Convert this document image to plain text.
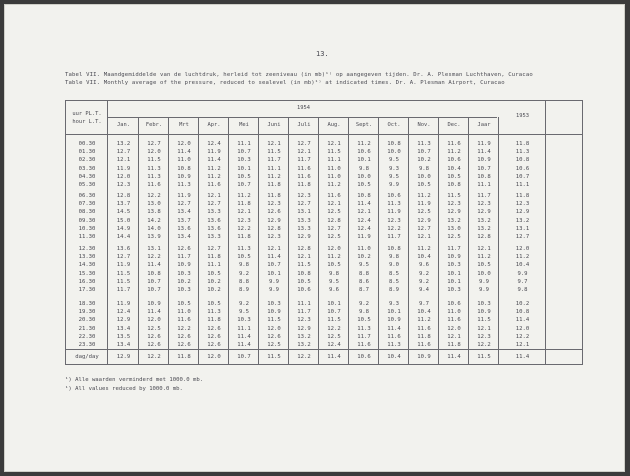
13.
Tabel VII. Maandgemiddelde van de luchtdruk, herleid tot zeeniveau (in mb)¹⁾ op aangegeven tijden. Dr. A. Plesman Luchthaven, Curacao
Table VII. Monthly average of the pressure, reduced to sealevel (in mb)¹⁾ at indicated times. Dr. A. Plesman Airport, Curacao
uur PL.T.
hour L.T.
1954
1953
Jan.	Febr.	Mrt	Apr.	Mei	Juni	Juli	Aug.	Sept.	Oct.	Nov.	Dec.	Jaar
00.30	13.2	12.7	12.0	12.4	11.1	12.1	12.7	12.1	11.2	10.8	11.3	11.6	11.9	11.8
01.30	12.7	12.0	11.4	11.9	10.7	11.5	12.1	11.5	10.6	10.0	10.7	11.2	11.4	11.3
02.30	12.1	11.5	11.0	11.4	10.3	11.7	11.7	11.1	10.1	9.5	10.2	10.6	10.9	10.8
03.30	11.9	11.3	10.8	11.2	10.1	11.1	11.6	11.0	9.8	9.3	9.8	10.4	10.7	10.6
04.30	12.0	11.3	10.9	11.2	10.5	11.2	11.6	11.0	10.0	9.5	10.0	10.5	10.8	10.7
05.30	12.3	11.6	11.3	11.6	10.7	11.8	11.8	11.2	10.5	9.9	10.5	10.8	11.1	11.1
06.30	12.8	12.2	11.9	12.1	11.2	11.8	12.3	11.6	10.8	10.6	11.2	11.5	11.7	11.8
07.30	13.7	13.0	12.7	12.7	11.8	12.3	12.7	12.1	11.4	11.3	11.9	12.3	12.3	12.3
08.30	14.5	13.8	13.4	13.3	12.1	12.6	13.1	12.5	12.1	11.9	12.5	12.9	12.9	12.9
09.30	15.0	14.2	13.7	13.6	12.3	12.9	13.3	12.8	12.4	12.3	12.9	13.2	13.2	13.2
10.30	14.9	14.0	13.6	13.6	12.2	12.8	13.3	12.7	12.4	12.2	12.7	13.0	13.2	13.1
11.30	14.4	13.9	13.4	13.3	11.8	12.3	12.9	12.5	11.9	11.7	12.1	12.5	12.8	12.7
12.30	13.6	13.1	12.6	12.7	11.3	12.1	12.8	12.0	11.0	10.8	11.2	11.7	12.1	12.0
13.30	12.7	12.2	11.7	11.8	10.5	11.4	12.1	11.2	10.2	9.8	10.4	10.9	11.2	11.2
14.30	11.9	11.4	10.9	11.1	9.8	10.7	11.5	10.5	9.5	9.0	9.6	10.3	10.5	10.4
15.30	11.5	10.8	10.3	10.5	9.2	10.1	10.8	9.8	8.8	8.5	9.2	10.1	10.0	9.9
16.30	11.5	10.7	10.2	10.2	8.8	9.9	10.5	9.5	8.6	8.5	9.2	10.1	9.9	9.7
17.30	11.7	10.7	10.3	10.2	8.9	9.9	10.6	9.6	8.7	8.9	9.4	10.3	9.9	9.8
18.30	11.9	10.9	10.5	10.5	9.2	10.3	11.1	10.1	9.2	9.3	9.7	10.6	10.3	10.2
19.30	12.4	11.4	11.0	11.3	9.5	10.9	11.7	10.7	9.8	10.1	10.4	11.0	10.9	10.8
20.30	12.9	12.0	11.6	11.8	10.3	11.5	12.3	11.5	10.5	10.9	11.2	11.6	11.5	11.4
21.30	13.4	12.5	12.2	12.6	11.1	12.0	12.9	12.2	11.3	11.4	11.6	12.0	12.1	12.0
22.30	13.5	12.6	12.6	12.6	11.4	12.6	13.2	12.5	11.7	11.6	11.8	12.1	12.3	12.2
23.30	13.4	12.6	12.6	12.6	11.4	12.5	13.2	12.4	11.6	11.3	11.6	11.8	12.2	12.1
dag/day	12.9	12.2	11.8	12.0	10.7	11.5	12.2	11.4	10.6	10.4	10.9	11.4	11.5	11.4
¹) Alle waarden verminderd met 1000.0 mb.
¹) All values reduced by 1000.0 mb.
